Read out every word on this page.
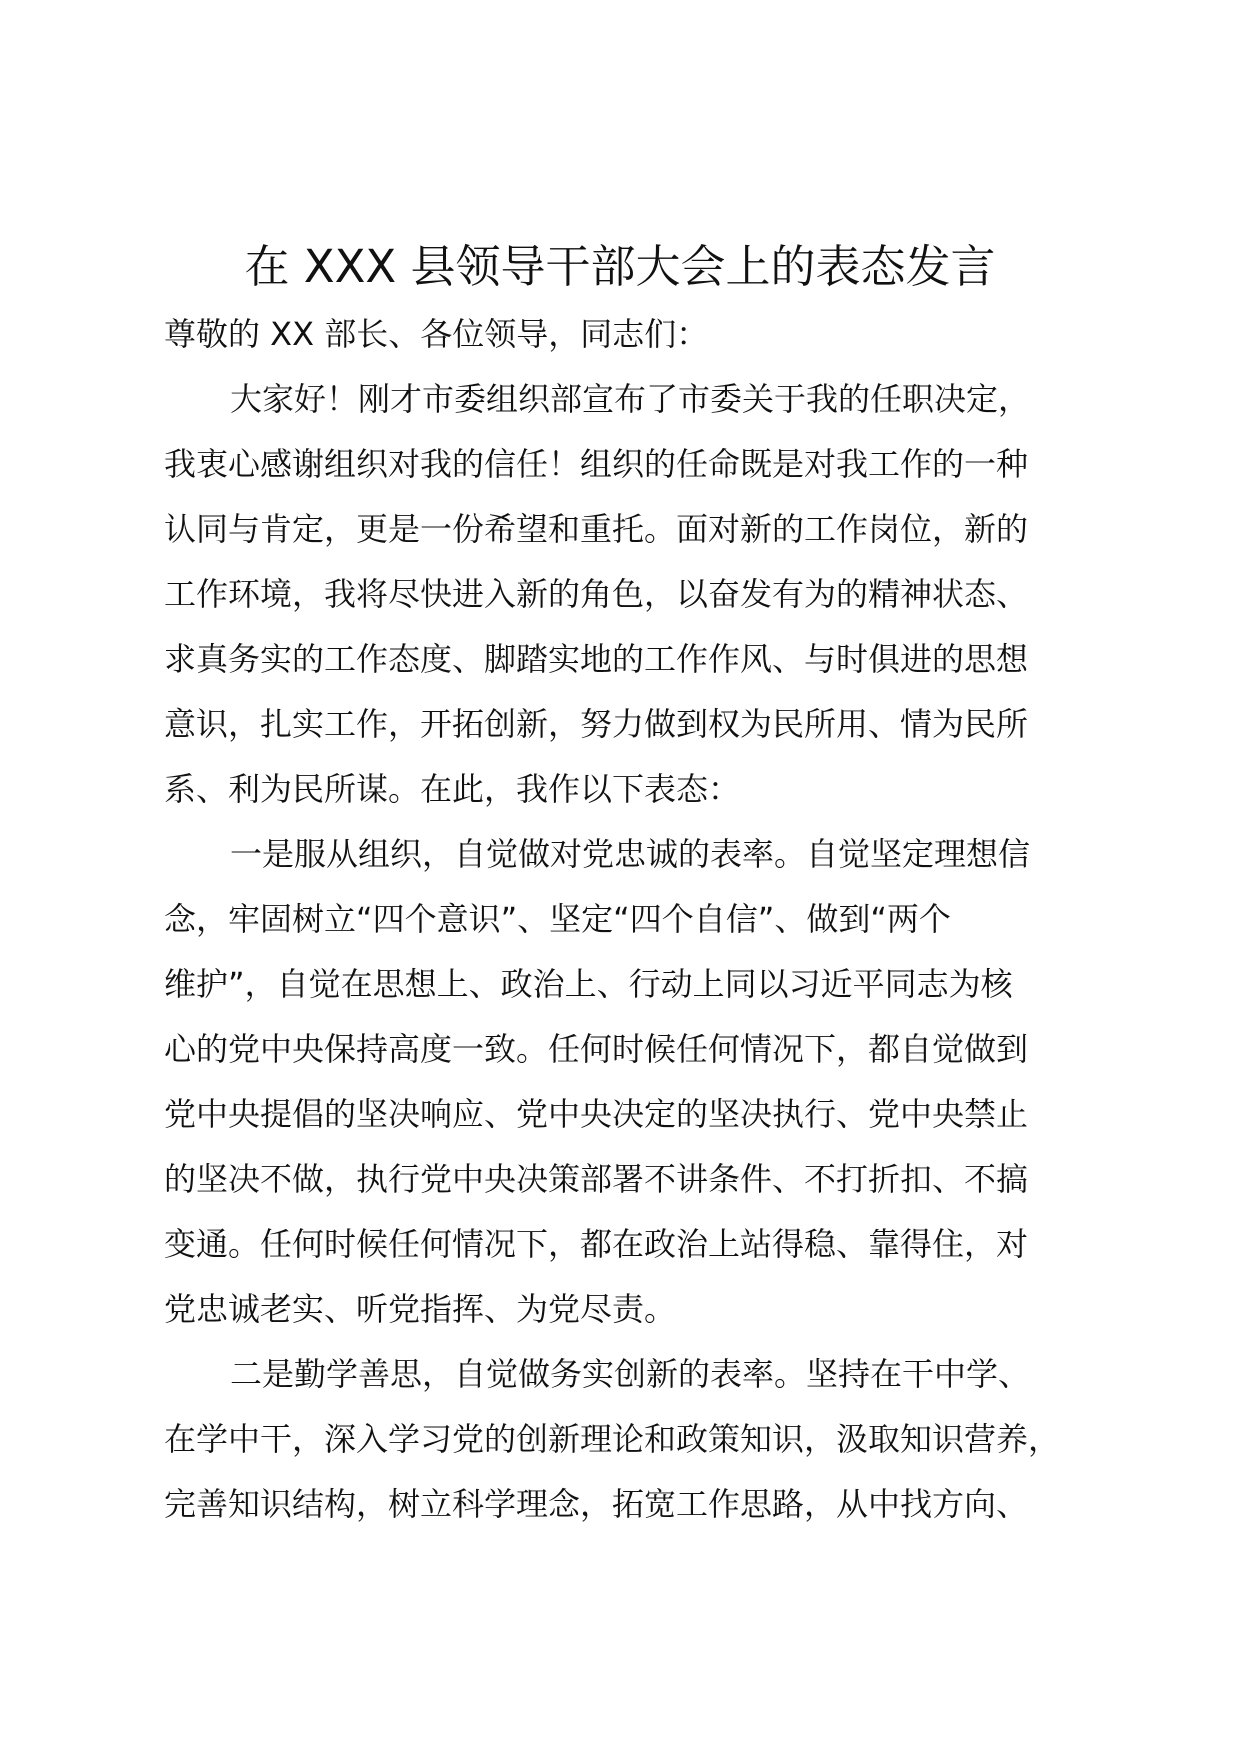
在 XXX 县领导干部大会上的表态发言
尊敬的 XX 部长、各位领导，同志们：
大家好！刚才市委组织部宣布了市委关于我的任职决定，
我衷心感谢组织对我的信任！组织的任命既是对我工作的一种
认同与肯定，更是一份希望和重托。面对新的工作岗位，新的
工作环境，我将尽快进入新的角色，以奋发有为的精神状态、
求真务实的工作态度、脚踏实地的工作作风、与时俱进的思想
意识，扎实工作，开拓创新，努力做到权为民所用、情为民所
系、利为民所谋。在此，我作以下表态：
一是服从组织，自觉做对党忠诚的表率。自觉坚定理想信
念，牢固树立“四个意识”、坚定“四个自信”、做到“两个
维护”，自觉在思想上、政治上、行动上同以习近平同志为核
心的党中央保持高度一致。任何时候任何情况下，都自觉做到
党中央提倡的坚决响应、党中央决定的坚决执行、党中央禁止
的坚决不做，执行党中央决策部署不讲条件、不打折扣、不搞
变通。任何时候任何情况下，都在政治上站得稳、靠得住，对
党忠诚老实、听党指挥、为党尽责。
二是勤学善思，自觉做务实创新的表率。坚持在干中学、
在学中干，深入学习党的创新理论和政策知识，汲取知识营养，
完善知识结构，树立科学理念，拓宽工作思路，从中找方向、
